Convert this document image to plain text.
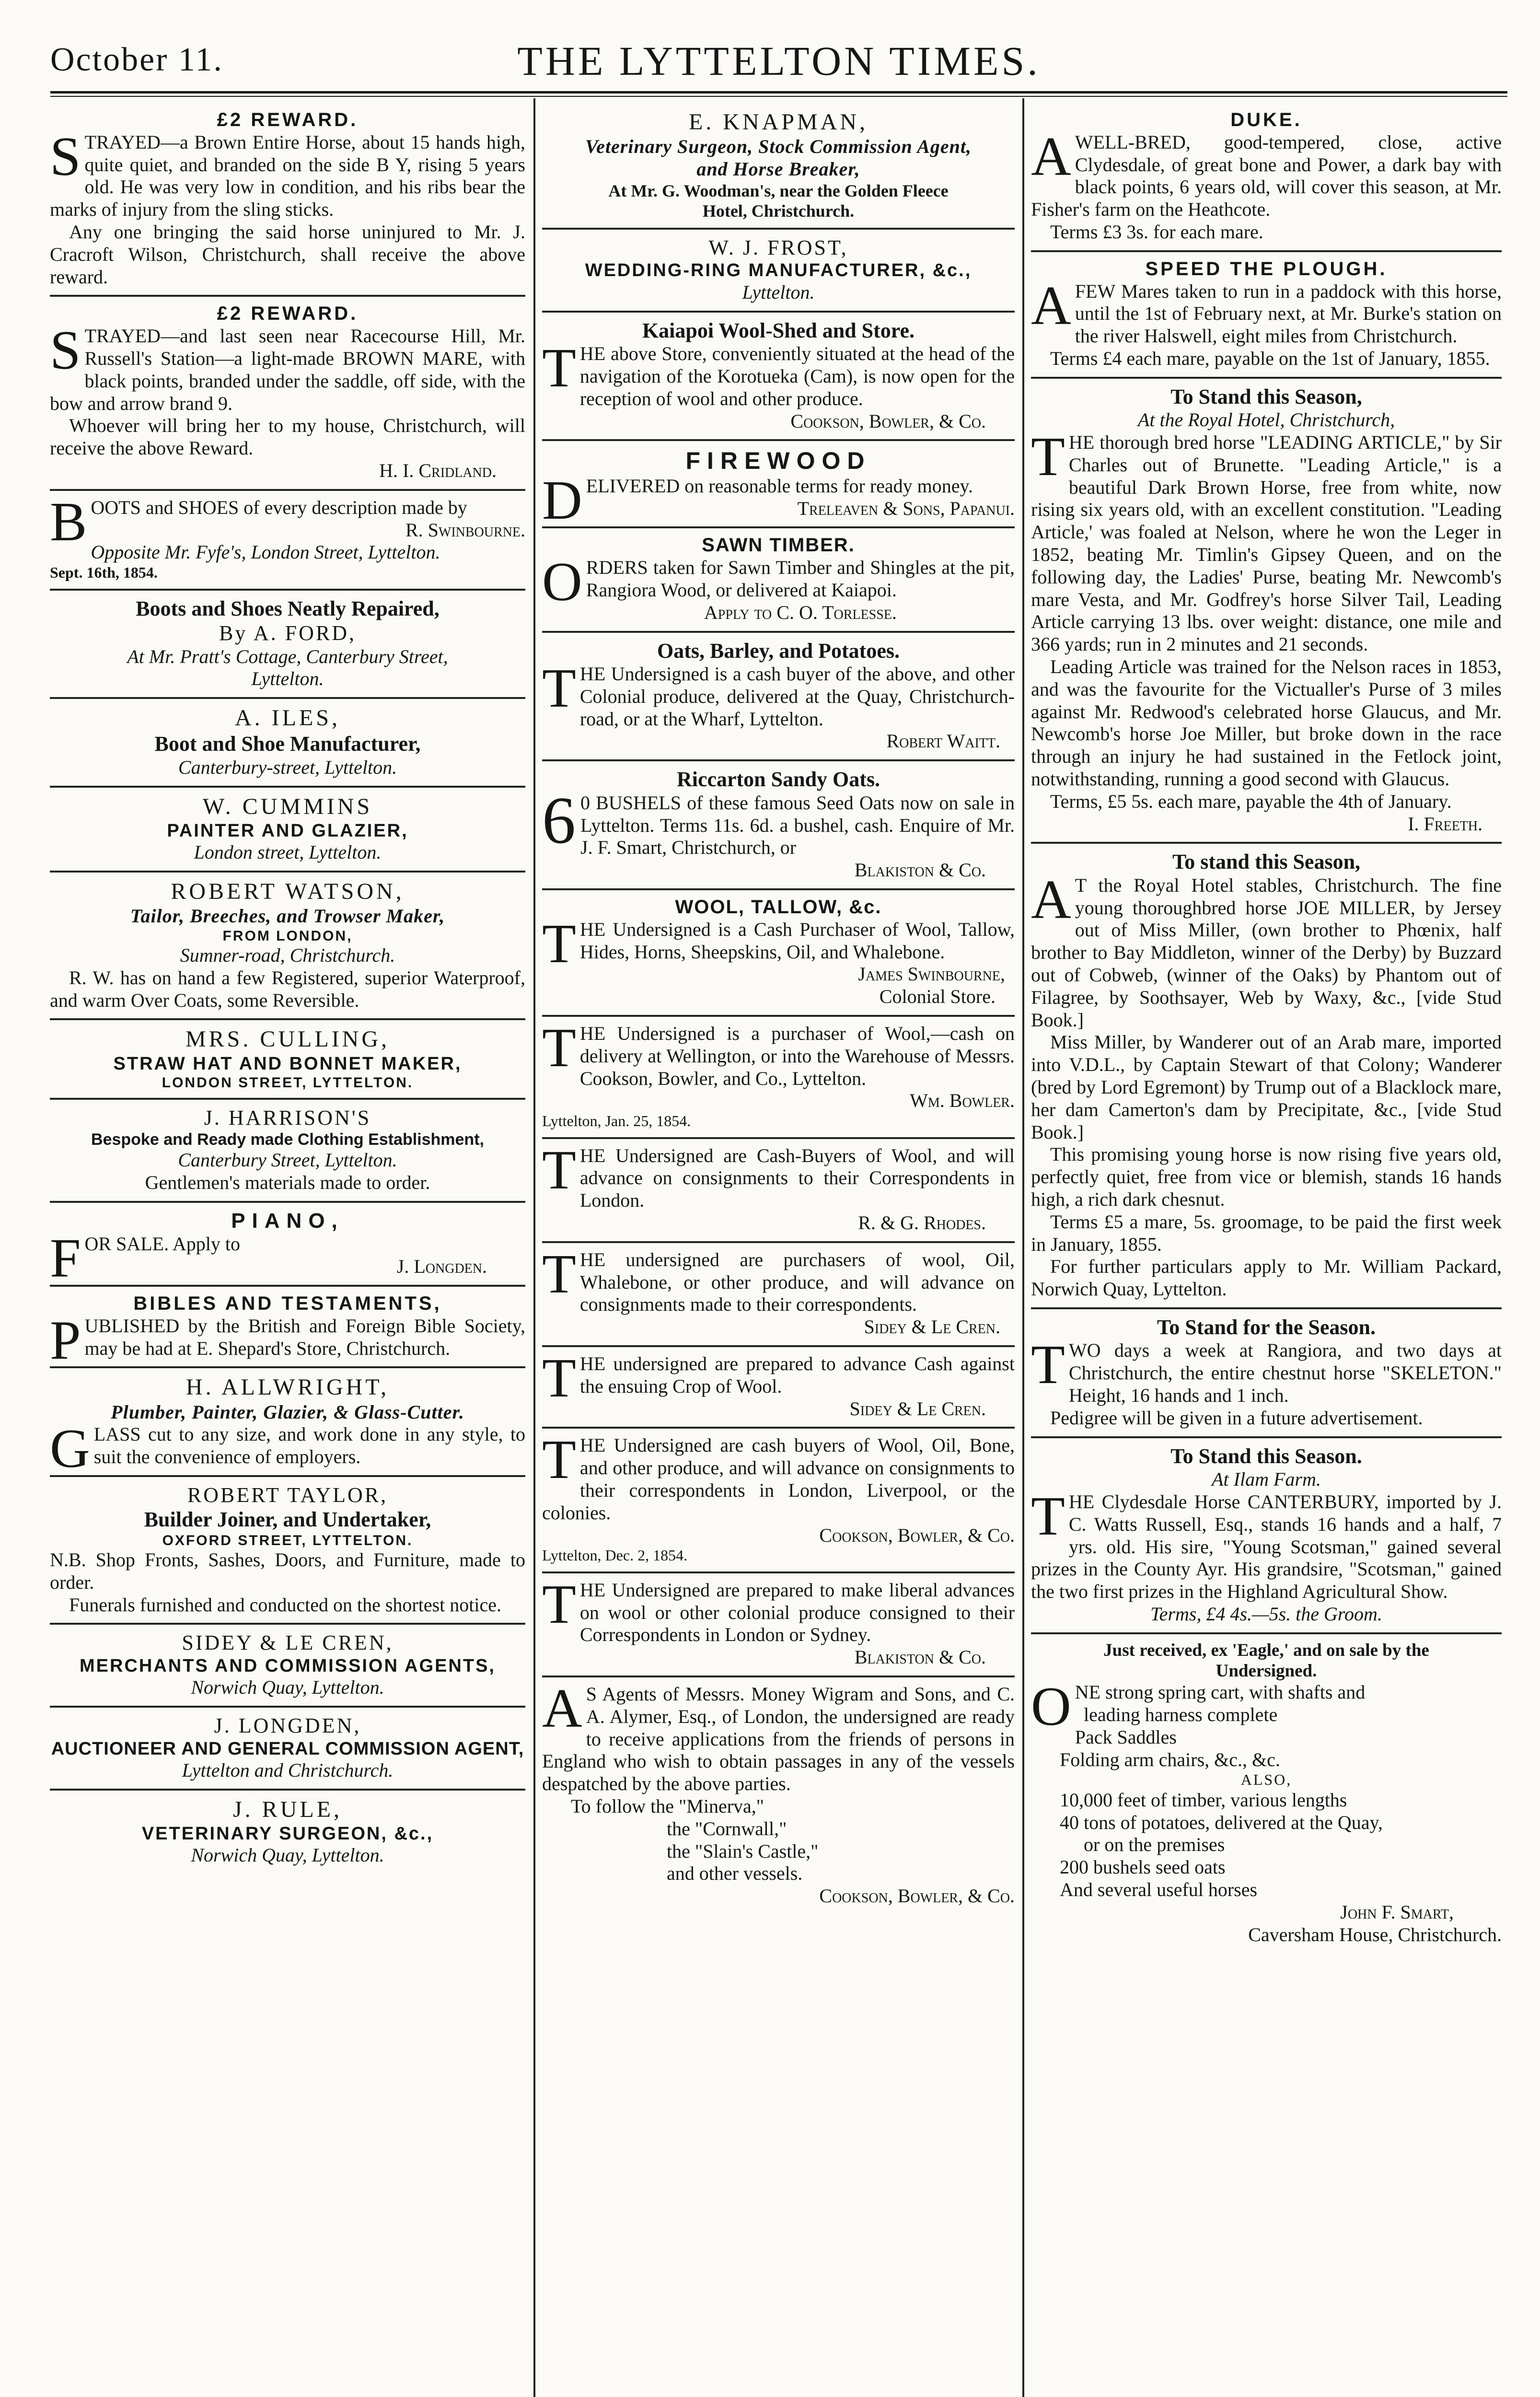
October 11.	THE LYTTELTON TIMES.
£2 REWARD.

STRAYED—a Brown Entire Horse, about 15 hands high, quite quiet, and branded on the side B Y, rising 5 years old. He was very low in condition, and his ribs bear the marks of injury from the sling sticks.

Any one bringing the said horse uninjured to Mr. J. Cracroft Wilson, Christchurch, shall receive the above reward.

£2 REWARD.

STRAYED—and last seen near Racecourse Hill, Mr. Russell's Station—a light-made BROWN MARE, with black points, branded under the saddle, off side, with the bow and arrow brand 9.

Whoever will bring her to my house, Christchurch, will receive the above Reward.

H. I. Cridland.

BOOTS and SHOES of every description made by

R. Swinbourne.
Opposite Mr. Fyfe's, London Street, Lyttelton.
Sept. 16th, 1854.
Boots and Shoes Neatly Repaired,
By A. FORD,
At Mr. Pratt's Cottage, Canterbury Street,
Lyttelton.
A. ILES,
Boot and Shoe Manufacturer,
Canterbury-street, Lyttelton.
W. CUMMINS
PAINTER AND GLAZIER,
London street, Lyttelton.
ROBERT WATSON,
Tailor, Breeches, and Trowser Maker,
FROM LONDON,
Sumner-road, Christchurch.

R. W. has on hand a few Registered, superior Waterproof, and warm Over Coats, some Reversible.

MRS. CULLING,
STRAW HAT AND BONNET MAKER,
LONDON STREET, LYTTELTON.
J. HARRISON'S
Bespoke and Ready made Clothing Establishment,
Canterbury Street, Lyttelton.
Gentlemen's materials made to order.
PIANO,

FOR SALE. Apply to

J. Longden.
BIBLES AND TESTAMENTS,

PUBLISHED by the British and Foreign Bible Society, may be had at E. Shepard's Store, Christchurch.

H. ALLWRIGHT,
Plumber, Painter, Glazier, & Glass-Cutter.

GLASS cut to any size, and work done in any style, to suit the convenience of employers.

ROBERT TAYLOR,
Builder Joiner, and Undertaker,
OXFORD STREET, LYTTELTON.

N.B. Shop Fronts, Sashes, Doors, and Furniture, made to order.

Funerals furnished and conducted on the shortest notice.

SIDEY & LE CREN,
MERCHANTS AND COMMISSION AGENTS,
Norwich Quay, Lyttelton.
J. LONGDEN,
AUCTIONEER AND GENERAL COMMISSION AGENT,
Lyttelton and Christchurch.
J. RULE,
VETERINARY SURGEON, &c.,
Norwich Quay, Lyttelton.
E. KNAPMAN,
Veterinary Surgeon, Stock Commission Agent,
and Horse Breaker,
At Mr. G. Woodman's, near the Golden Fleece
Hotel, Christchurch.
W. J. FROST,
WEDDING-RING MANUFACTURER, &c.,
Lyttelton.
Kaiapoi Wool-Shed and Store.

THE above Store, conveniently situated at the head of the navigation of the Korotueka (Cam), is now open for the reception of wool and other produce.

Cookson, Bowler, & Co.
FIREWOOD

DELIVERED on reasonable terms for ready money.

Treleaven & Sons, Papanui.
SAWN TIMBER.

ORDERS taken for Sawn Timber and Shingles at the pit, Rangiora Wood, or delivered at Kaiapoi.

Apply to C. O. Torlesse.
Oats, Barley, and Potatoes.

THE Undersigned is a cash buyer of the above, and other Colonial produce, delivered at the Quay, Christchurch-road, or at the Wharf, Lyttelton.

Robert Waitt.
Riccarton Sandy Oats.

60 BUSHELS of these famous Seed Oats now on sale in Lyttelton. Terms 11s. 6d. a bushel, cash. Enquire of Mr. J. F. Smart, Christchurch, or

Blakiston & Co.
WOOL, TALLOW, &c.

THE Undersigned is a Cash Purchaser of Wool, Tallow, Hides, Horns, Sheepskins, Oil, and Whalebone.

James Swinbourne,
Colonial Store.

THE Undersigned is a purchaser of Wool,—cash on delivery at Wellington, or into the Warehouse of Messrs. Cookson, Bowler, and Co., Lyttelton.

Wm. Bowler.
Lyttelton, Jan. 25, 1854.

THE Undersigned are Cash-Buyers of Wool, and will advance on consignments to their Correspondents in London.

R. & G. Rhodes.

THE undersigned are purchasers of wool, Oil, Whalebone, or other produce, and will advance on consignments made to their correspondents.

Sidey & Le Cren.

THE undersigned are prepared to advance Cash against the ensuing Crop of Wool.

Sidey & Le Cren.

THE Undersigned are cash buyers of Wool, Oil, Bone, and other produce, and will advance on consignments to their correspondents in London, Liverpool, or the colonies.

Cookson, Bowler, & Co.
Lyttelton, Dec. 2, 1854.

THE Undersigned are prepared to make liberal advances on wool or other colonial produce consigned to their Correspondents in London or Sydney.

Blakiston & Co.

AS Agents of Messrs. Money Wigram and Sons, and C. A. Alymer, Esq., of London, the undersigned are ready to receive applications from the friends of persons in England who wish to obtain passages in any of the vessels despatched by the above parties.

To follow the "Minerva,"

the "Cornwall,"

the "Slain's Castle,"

and other vessels.

Cookson, Bowler, & Co.
DUKE.

AWELL-BRED, good-tempered, close, active Clydesdale, of great bone and Power, a dark bay with black points, 6 years old, will cover this season, at Mr. Fisher's farm on the Heathcote.

Terms £3 3s. for each mare.

SPEED THE PLOUGH.

AFEW Mares taken to run in a paddock with this horse, until the 1st of February next, at Mr. Burke's station on the river Halswell, eight miles from Christchurch.

Terms £4 each mare, payable on the 1st of January, 1855.

To Stand this Season,
At the Royal Hotel, Christchurch,

THE thorough bred horse "LEADING ARTICLE," by Sir Charles out of Brunette. "Leading Article," is a beautiful Dark Brown Horse, free from white, now rising six years old, with an excellent constitution. "Leading Article,' was foaled at Nelson, where he won the Leger in 1852, beating Mr. Timlin's Gipsey Queen, and on the following day, the Ladies' Purse, beating Mr. Newcomb's mare Vesta, and Mr. Godfrey's horse Silver Tail, Leading Article carrying 13 lbs. over weight: distance, one mile and 366 yards; run in 2 minutes and 21 seconds.

Leading Article was trained for the Nelson races in 1853, and was the favourite for the Victualler's Purse of 3 miles against Mr. Redwood's celebrated horse Glaucus, and Mr. Newcomb's horse Joe Miller, but broke down in the race through an injury he had sustained in the Fetlock joint, notwithstanding, running a good second with Glaucus.

Terms, £5 5s. each mare, payable the 4th of January.

I. Freeth.
To stand this Season,

AT the Royal Hotel stables, Christchurch. The fine young thoroughbred horse JOE MILLER, by Jersey out of Miss Miller, (own brother to Phœnix, half brother to Bay Middleton, winner of the Derby) by Buzzard out of Cobweb, (winner of the Oaks) by Phantom out of Filagree, by Soothsayer, Web by Waxy, &c., [vide Stud Book.]

Miss Miller, by Wanderer out of an Arab mare, imported into V.D.L., by Captain Stewart of that Colony; Wanderer (bred by Lord Egremont) by Trump out of a Blacklock mare, her dam Camerton's dam by Precipitate, &c., [vide Stud Book.]

This promising young horse is now rising five years old, perfectly quiet, free from vice or blemish, stands 16 hands high, a rich dark chesnut.

Terms £5 a mare, 5s. groomage, to be paid the first week in January, 1855.

For further particulars apply to Mr. William Packard, Norwich Quay, Lyttelton.

To Stand for the Season.

TWO days a week at Rangiora, and two days at Christchurch, the entire chestnut horse "SKELETON." Height, 16 hands and 1 inch.

Pedigree will be given in a future advertisement.

To Stand this Season.
At Ilam Farm.

THE Clydesdale Horse CANTERBURY, imported by J. C. Watts Russell, Esq., stands 16 hands and a half, 7 yrs. old. His sire, "Young Scotsman," gained several prizes in the County Ayr. His grandsire, "Scotsman," gained the two first prizes in the Highland Agricultural Show.

Terms, £4 4s.—5s. the Groom.
Just received, ex 'Eagle,' and on sale by the
Undersigned.

ONE strong spring cart, with shafts and

leading harness complete

Pack Saddles

Folding arm chairs, &c., &c.

ALSO,

10,000 feet of timber, various lengths

40 tons of potatoes, delivered at the Quay,

or on the premises

200 bushels seed oats

And several useful horses

John F. Smart,
Caversham House, Christchurch.
